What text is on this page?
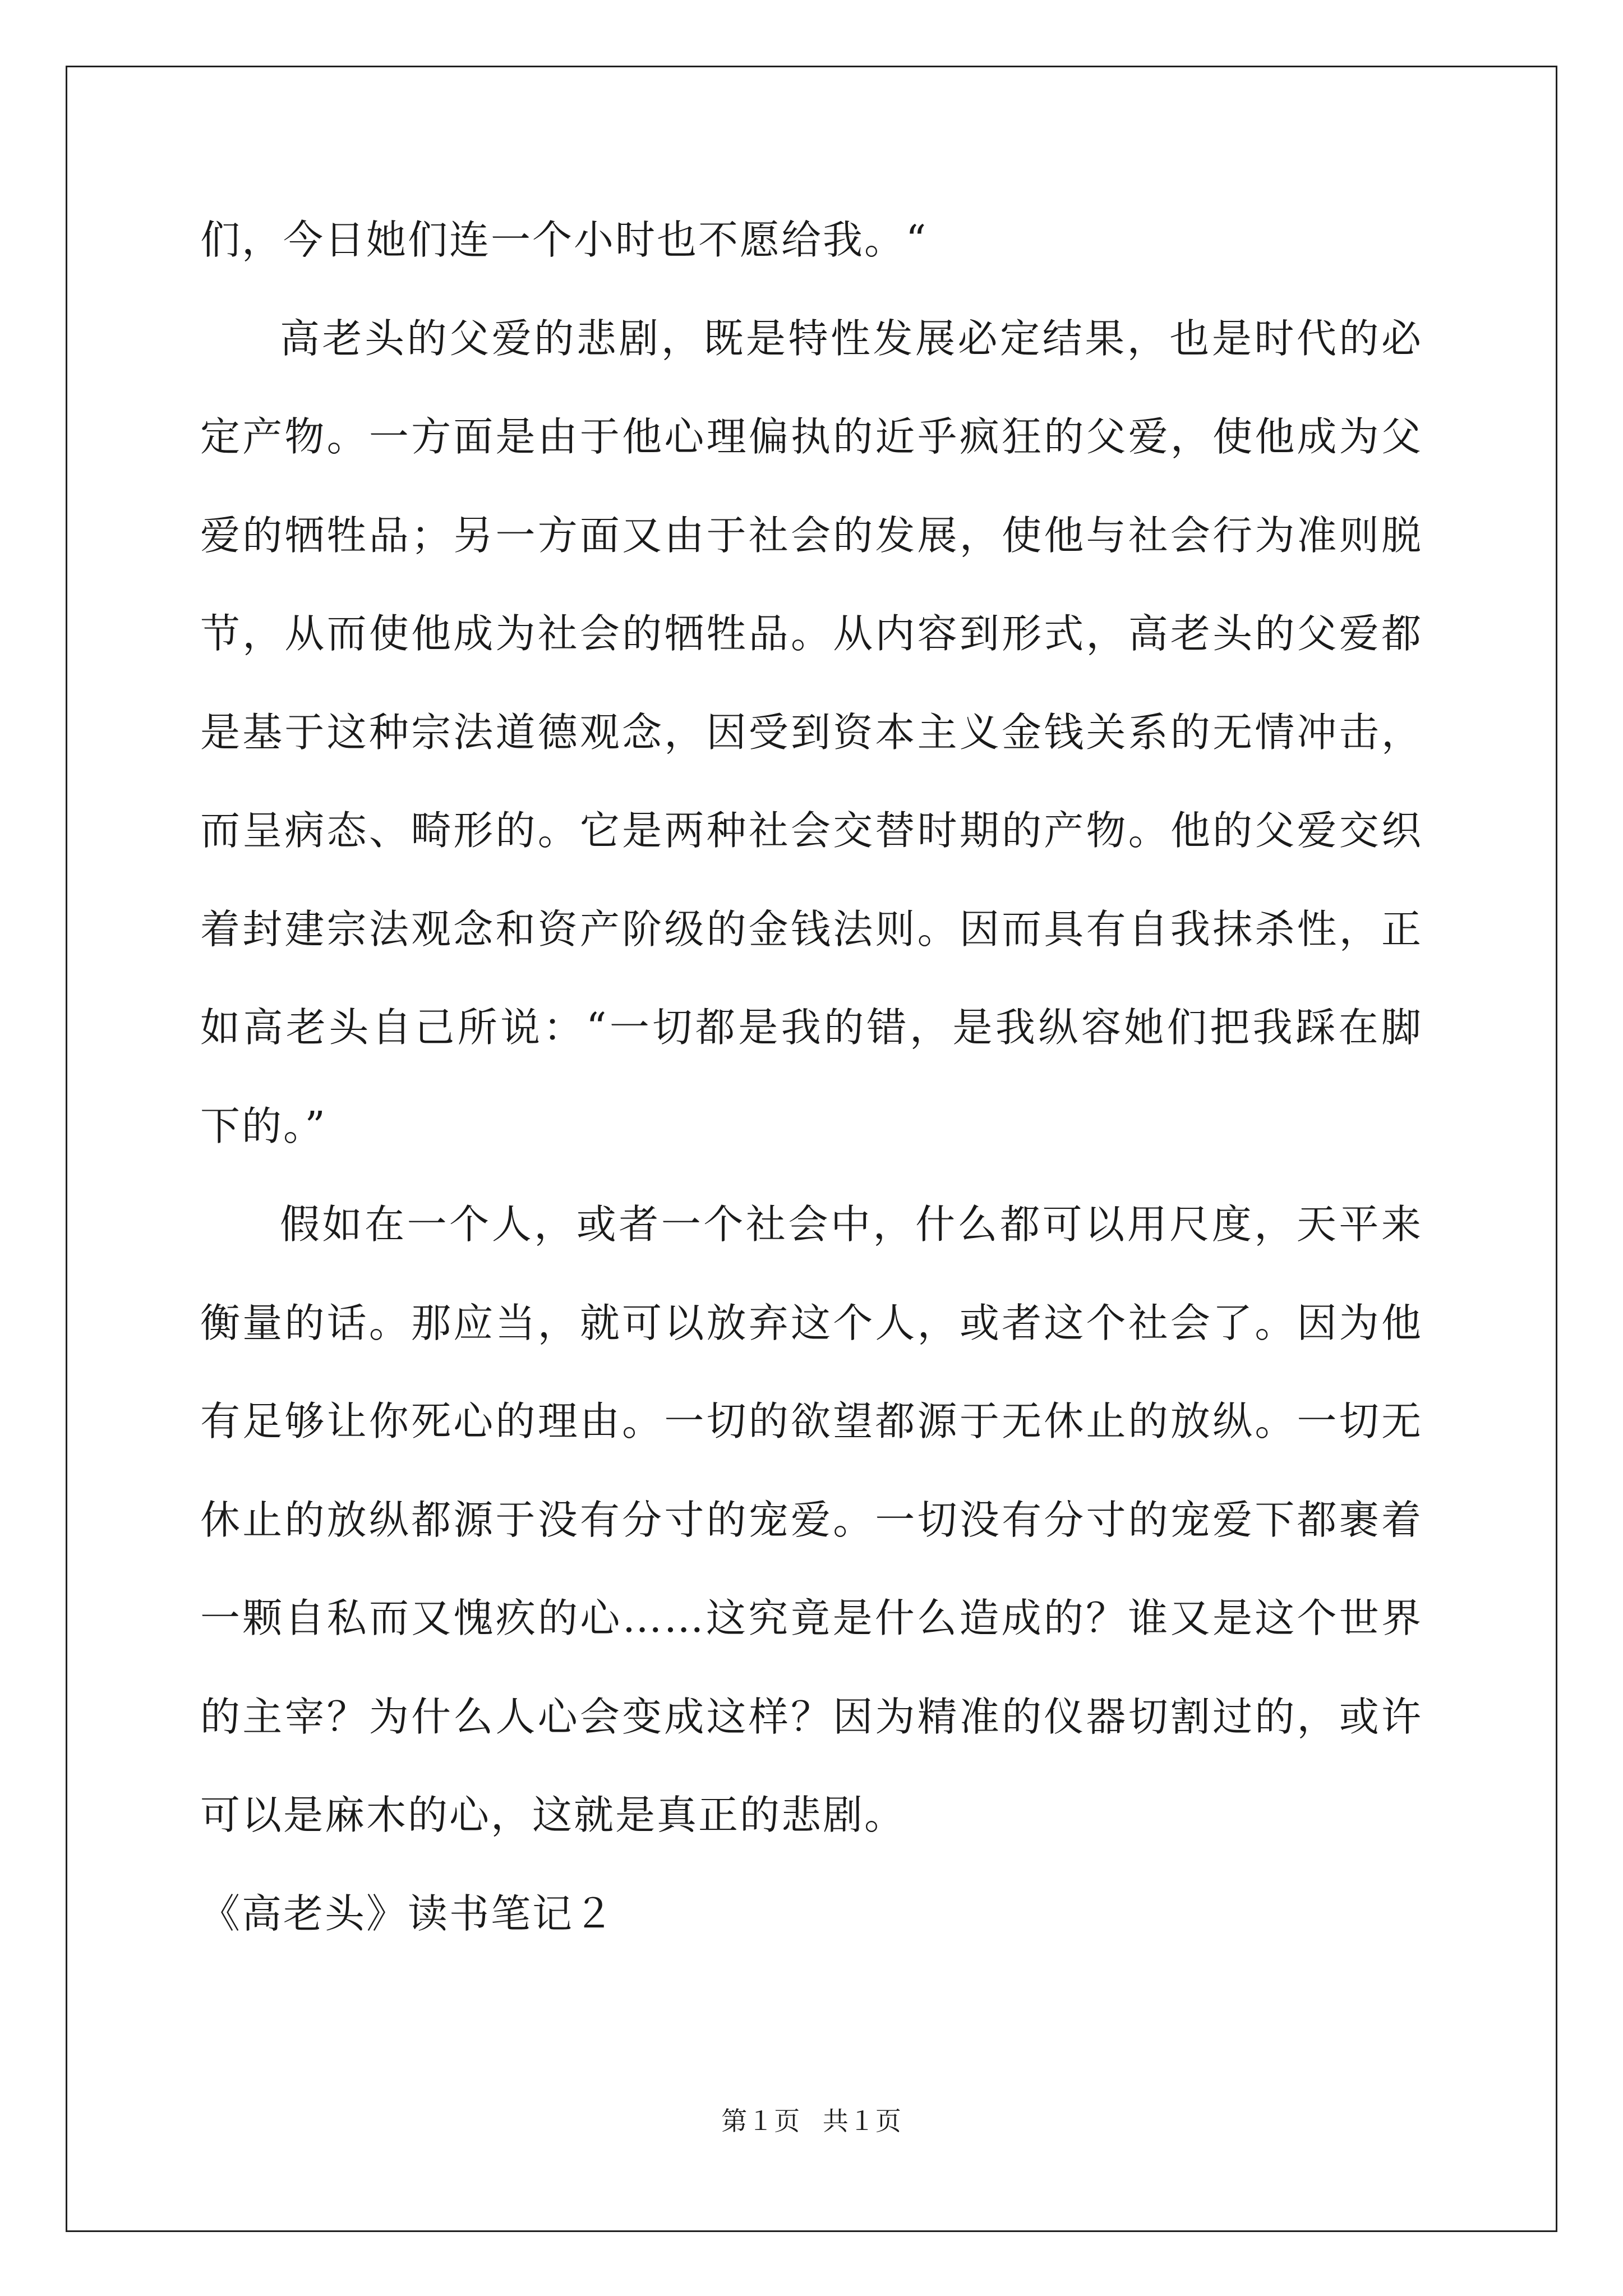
们，今日她们连一个小时也不愿给我。“

高老头的父爱的悲剧，既是特性发展必定结果，也是时代的必定产物。一方面是由于他心理偏执的近乎疯狂的父爱，使他成为父爱的牺牲品；另一方面又由于社会的发展，使他与社会行为准则脱节，从而使他成为社会的牺牲品。从内容到形式，高老头的父爱都是基于这种宗法道德观念，因受到资本主义金钱关系的无情冲击，而呈病态、畸形的。它是两种社会交替时期的产物。他的父爱交织着封建宗法观念和资产阶级的金钱法则。因而具有自我抹杀性，正如高老头自己所说：“一切都是我的错，是我纵容她们把我踩在脚下的。”

假如在一个人，或者一个社会中，什么都可以用尺度，天平来衡量的话。那应当，就可以放弃这个人，或者这个社会了。因为他有足够让你死心的理由。一切的欲望都源于无休止的放纵。一切无休止的放纵都源于没有分寸的宠爱。一切没有分寸的宠爱下都裹着一颗自私而又愧疚的心……这究竟是什么造成的？谁又是这个世界的主宰？为什么人心会变成这样？因为精准的仪器切割过的，或许可以是麻木的心，这就是真正的悲剧。

《高老头》读书笔记２

第１页 共１页
